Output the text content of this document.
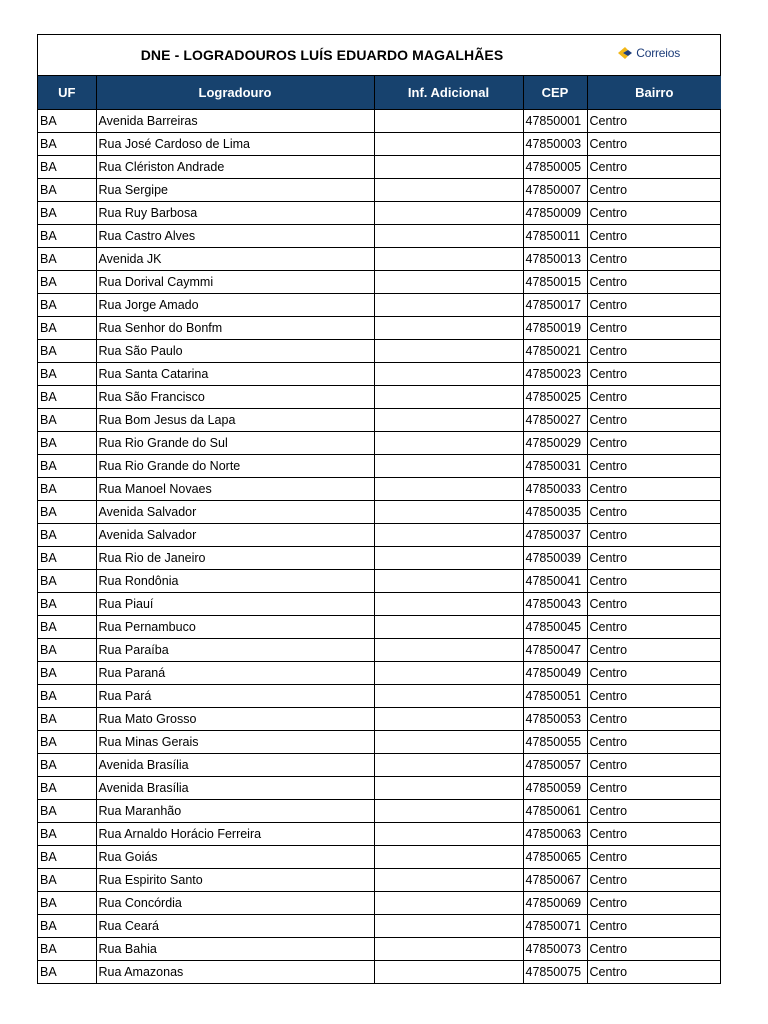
DNE - LOGRADOUROS LUÍS EDUARDO MAGALHÃES	Correios
UF	Logradouro	Inf. Adicional	CEP	Bairro
BA	Avenida Barreiras		47850001	Centro
BA	Rua José Cardoso de Lima		47850003	Centro
BA	Rua Clériston Andrade		47850005	Centro
BA	Rua Sergipe		47850007	Centro
BA	Rua Ruy Barbosa		47850009	Centro
BA	Rua Castro Alves		47850011	Centro
BA	Avenida JK		47850013	Centro
BA	Rua Dorival Caymmi		47850015	Centro
BA	Rua Jorge Amado		47850017	Centro
BA	Rua Senhor do Bonfm		47850019	Centro
BA	Rua São Paulo		47850021	Centro
BA	Rua Santa Catarina		47850023	Centro
BA	Rua São Francisco		47850025	Centro
BA	Rua Bom Jesus da Lapa		47850027	Centro
BA	Rua Rio Grande do Sul		47850029	Centro
BA	Rua Rio Grande do Norte		47850031	Centro
BA	Rua Manoel Novaes		47850033	Centro
BA	Avenida Salvador		47850035	Centro
BA	Avenida Salvador		47850037	Centro
BA	Rua Rio de Janeiro		47850039	Centro
BA	Rua Rondônia		47850041	Centro
BA	Rua Piauí		47850043	Centro
BA	Rua Pernambuco		47850045	Centro
BA	Rua Paraíba		47850047	Centro
BA	Rua Paraná		47850049	Centro
BA	Rua Pará		47850051	Centro
BA	Rua Mato Grosso		47850053	Centro
BA	Rua Minas Gerais		47850055	Centro
BA	Avenida Brasília		47850057	Centro
BA	Avenida Brasília		47850059	Centro
BA	Rua Maranhão		47850061	Centro
BA	Rua Arnaldo Horácio Ferreira		47850063	Centro
BA	Rua Goiás		47850065	Centro
BA	Rua Espirito Santo		47850067	Centro
BA	Rua Concórdia		47850069	Centro
BA	Rua Ceará		47850071	Centro
BA	Rua Bahia		47850073	Centro
BA	Rua Amazonas		47850075	Centro
